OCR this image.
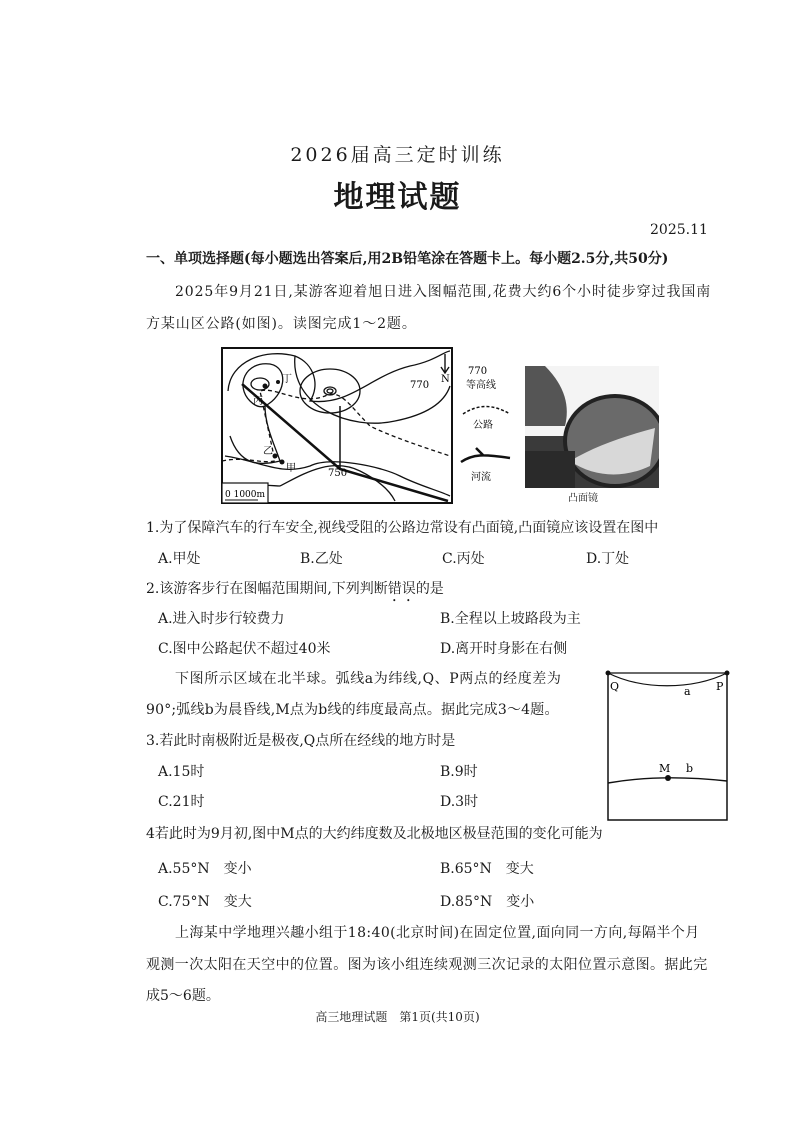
2026届高三定时训练
地理试题
2025.11
一、单项选择题(每小题选出答案后,用2B铅笔涂在答题卡上。每小题2.5分,共50分)
2025年9月21日,某游客迎着旭日进入图幅范围,花费大约6个小时徒步穿过我国南
方某山区公路(如图)。读图完成1～2题。
N
770
750
丁
丙
乙
甲
0 1000m
770
等高线
公路
河流
凸面镜
1.为了保障汽车的行车安全,视线受阻的公路边常设有凸面镜,凸面镜应该设置在图中
A.甲处	B.乙处	C.丙处	D.丁处
2.该游客步行在图幅范围期间,下列判断错误的是
A.进入时步行较费力	B.全程以上坡路段为主
C.图中公路起伏不超过40米	D.离开时身影在右侧
下图所示区域在北半球。弧线a为纬线,Q、P两点的经度差为
90°;弧线b为晨昏线,M点为b线的纬度最高点。据此完成3～4题。
3.若此时南极附近是极夜,Q点所在经线的地方时是
A.15时	B.9时
C.21时	D.3时
Q	P
a
M b
4若此时为9月初,图中M点的大约纬度数及北极地区极昼范围的变化可能为
A.55°N　变小	B.65°N　变大
C.75°N　变大	D.85°N　变小
上海某中学地理兴趣小组于18:40(北京时间)在固定位置,面向同一方向,每隔半个月
观测一次太阳在天空中的位置。图为该小组连续观测三次记录的太阳位置示意图。据此完
成5～6题。
高三地理试题　第1页(共10页)
